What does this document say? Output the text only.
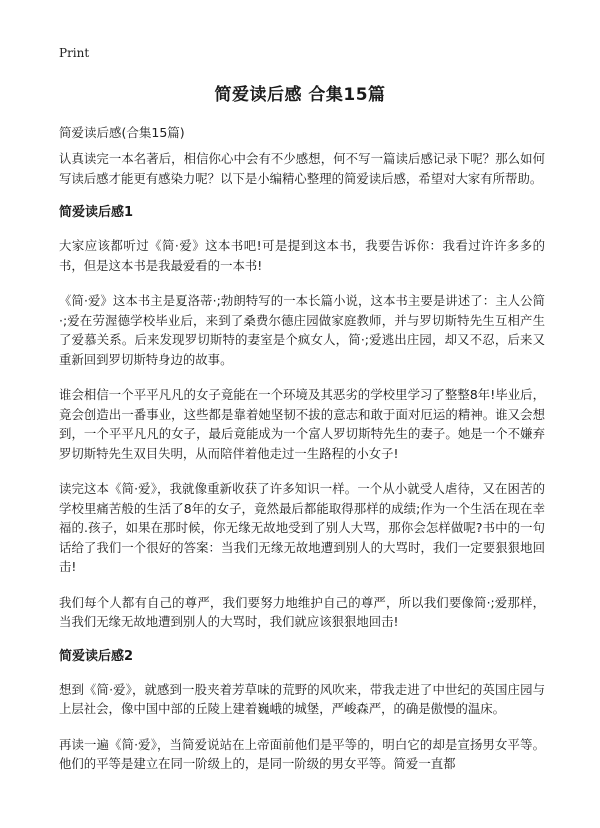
Print
简爱读后感 合集15篇
简爱读后感(合集15篇)

认真读完一本名著后，相信你心中会有不少感想，何不写一篇读后感记录下呢？那么如何写读后感才能更有感染力呢？以下是小编精心整理的简爱读后感，希望对大家有所帮助。

简爱读后感1

大家应该都听过《简·爱》这本书吧!可是提到这本书，我要告诉你：我看过许许多多的书，但是这本书是我最爱看的一本书!

《简·爱》这本书主是夏洛蒂·;勃朗特写的一本长篇小说，这本书主要是讲述了：主人公简·;爱在劳渥德学校毕业后，来到了桑费尔德庄园做家庭教师，并与罗切斯特先生互相产生了爱慕关系。后来发现罗切斯特的妻室是个疯女人，简·;爱逃出庄园，却又不忍，后来又重新回到罗切斯特身边的故事。

谁会相信一个平平凡凡的女子竟能在一个环境及其恶劣的学校里学习了整整8年!毕业后，竟会创造出一番事业，这些都是靠着她坚韧不拔的意志和敢于面对厄运的精神。谁又会想到，一个平平凡凡的女子，最后竟能成为一个富人罗切斯特先生的妻子。她是一个不嫌弃罗切斯特先生双目失明，从而陪伴着他走过一生路程的小女子!

读完这本《简·爱》，我就像重新收获了许多知识一样。一个从小就受人虐待，又在困苦的学校里痛苦般的生活了8年的女子，竟然最后都能取得那样的成绩;作为一个生活在现在幸福的.孩子，如果在那时候，你无缘无故地受到了别人大骂，那你会怎样做呢?书中的一句话给了我们一个很好的答案：当我们无缘无故地遭到别人的大骂时，我们一定要狠狠地回击!

我们每个人都有自己的尊严，我们要努力地维护自己的尊严，所以我们要像简·;爱那样，当我们无缘无故地遭到别人的大骂时，我们就应该狠狠地回击!

简爱读后感2

想到《简·爱》，就感到一股夹着芳草味的荒野的风吹来，带我走进了中世纪的英国庄园与上层社会，像中国中部的丘陵上建着巍峨的城堡，严峻森严，的确是傲慢的温床。

再读一遍《简·爱》，当简爱说站在上帝面前他们是平等的，明白它的却是宣扬男女平等。他们的平等是建立在同一阶级上的，是同一阶级的男女平等。简爱一直都
